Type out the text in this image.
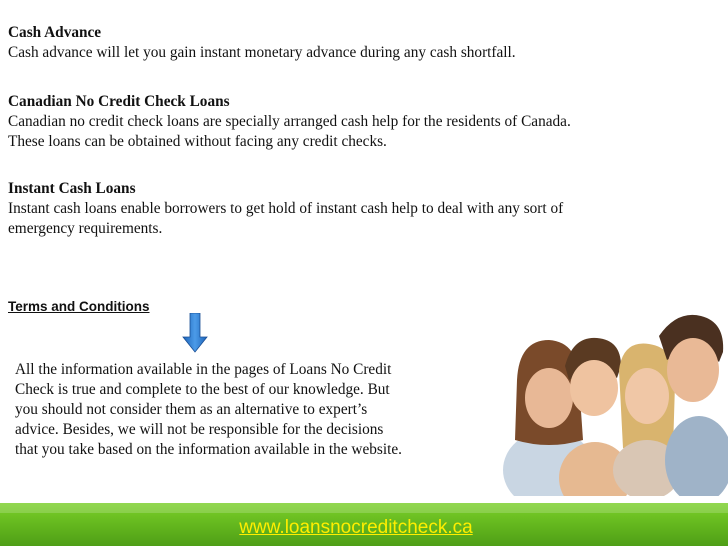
Cash Advance
Cash advance will let you gain instant monetary advance during any cash shortfall.
Canadian No Credit Check Loans
Canadian no credit check loans are specially arranged cash help for the residents of Canada.
These loans can be obtained without facing any credit checks.
Instant Cash Loans
Instant cash loans enable borrowers to get hold of instant cash help to deal with any sort of
emergency requirements.
Terms and Conditions
All the information available in the pages of Loans No Credit
Check is true and complete to the best of our knowledge. But
you should not consider them as an alternative to expert’s
advice. Besides, we will not be responsible for the decisions
that you take based on the information available in the website.
www.loansnocreditcheck.ca
